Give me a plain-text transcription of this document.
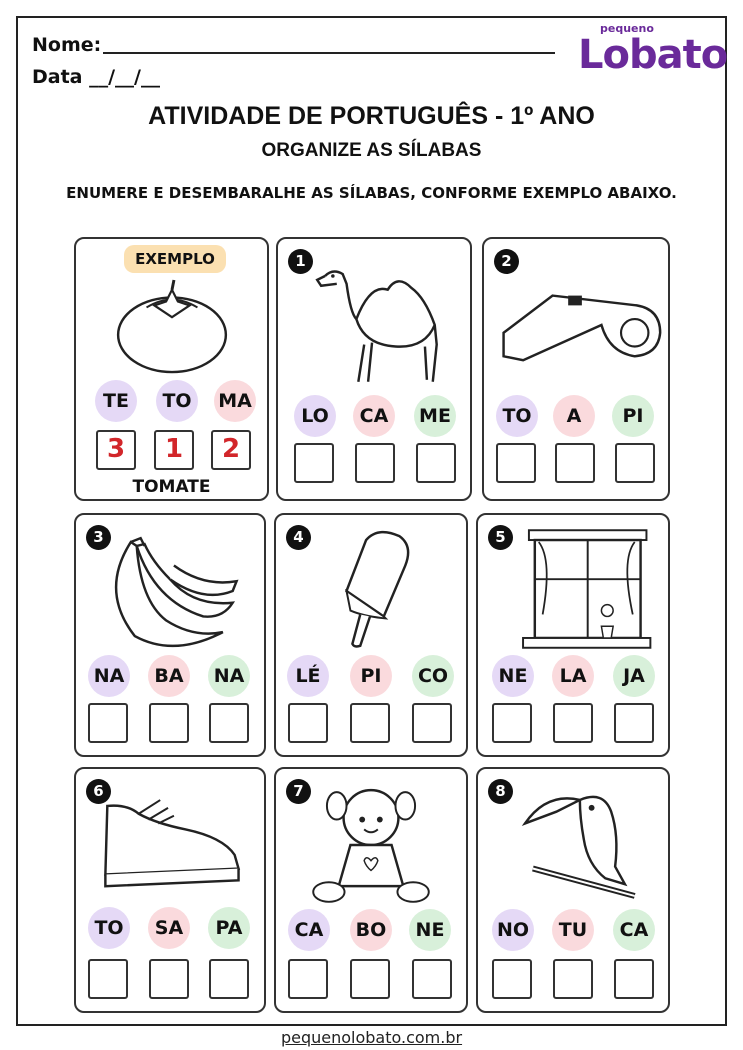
Nome:
Data __/__/__
pequeno
Lobato
ATIVIDADE DE PORTUGUÊS - 1º ANO
ORGANIZE AS SÍLABAS
ENUMERE E DESEMBARALHE AS SÍLABAS, CONFORME EXEMPLO ABAIXO.
EXEMPLO
TE	TO	MA
3	1	2
TOMATE
1
LO	CA	ME
2
TO	A	PI
3
NA	BA	NA
4
LÉ	PI	CO
5
NE	LA	JA
6
TO	SA	PA
7
CA	BO	NE
8
NO	TU	CA
pequenolobato.com.br
